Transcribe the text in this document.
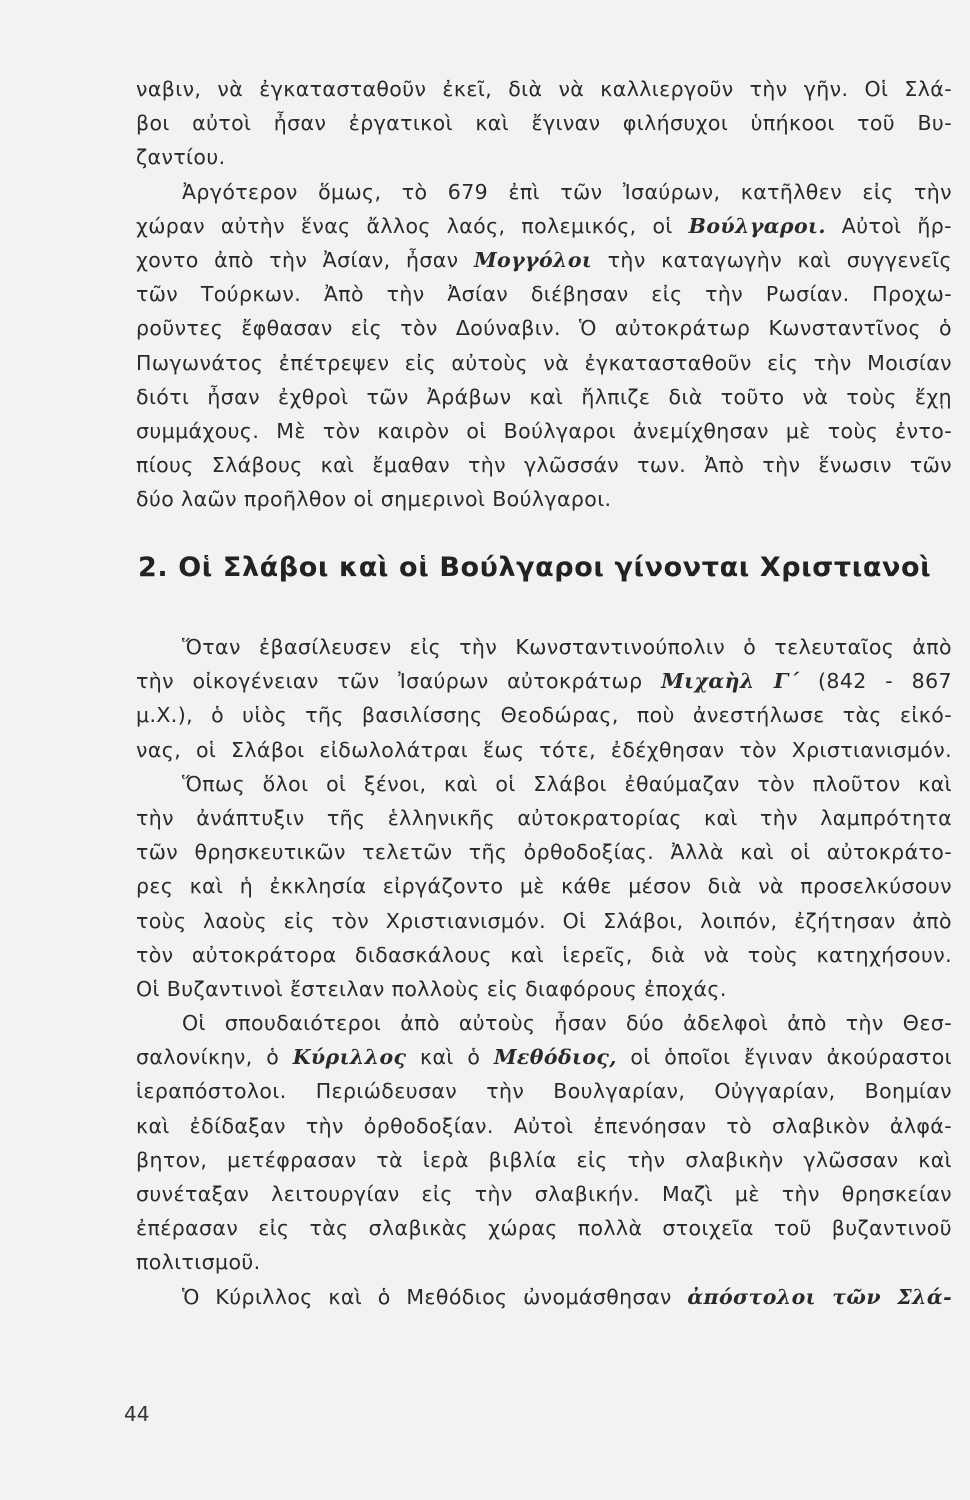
ναβιν, νὰ ἐγκατασταθοῦν ἐκεῖ, διὰ νὰ καλλιεργοῦν τὴν γῆν. Οἱ Σλά-
βοι αὐτοὶ ἦσαν ἐργατικοὶ καὶ ἔγιναν φιλήσυχοι ὑπήκοοι τοῦ Βυ-
ζαντίου.
Ἀργότερον ὅμως, τὸ 679 ἐπὶ τῶν Ἰσαύρων, κατῆλθεν εἰς τὴν
χώραν αὐτὴν ἕνας ἄλλος λαός, πολεμικός, οἱ Βούλγαροι. Αὐτοὶ ἤρ-
χοντο ἀπὸ τὴν Ἀσίαν, ἦσαν Μογγόλοι τὴν καταγωγὴν καὶ συγγενεῖς
τῶν Τούρκων. Ἀπὸ τὴν Ἀσίαν διέβησαν εἰς τὴν Ρωσίαν. Προχω-
ροῦντες ἔφθασαν εἰς τὸν Δούναβιν. Ὁ αὐτοκράτωρ Κωνσταντῖνος ὁ
Πωγωνάτος ἐπέτρεψεν εἰς αὐτοὺς νὰ ἐγκατασταθοῦν εἰς τὴν Μοισίαν
διότι ἦσαν ἐχθροὶ τῶν Ἀράβων καὶ ἤλπιζε διὰ τοῦτο νὰ τοὺς ἔχῃ
συμμάχους. Μὲ τὸν καιρὸν οἱ Βούλγαροι ἀνεμίχθησαν μὲ τοὺς ἐντο-
πίους Σλάβους καὶ ἔμαθαν τὴν γλῶσσάν των. Ἀπὸ τὴν ἕνωσιν τῶν
δύο λαῶν προῆλθον οἱ σημερινοὶ Βούλγαροι.
2. Οἱ Σλάβοι καὶ οἱ Βούλγαροι γίνονται Χριστιανοὶ
Ὅταν ἐβασίλευσεν εἰς τὴν Κωνσταντινούπολιν ὁ τελευταῖος ἀπὸ
τὴν οἰκογένειαν τῶν Ἰσαύρων αὐτοκράτωρ Μιχαὴλ Γ΄ (842 - 867
μ.Χ.), ὁ υἱὸς τῆς βασιλίσσης Θεοδώρας, ποὺ ἀνεστήλωσε τὰς εἰκό-
νας, οἱ Σλάβοι εἰδωλολάτραι ἕως τότε, ἐδέχθησαν τὸν Χριστιανισμόν.
Ὅπως ὅλοι οἱ ξένοι, καὶ οἱ Σλάβοι ἐθαύμαζαν τὸν πλοῦτον καὶ
τὴν ἀνάπτυξιν τῆς ἑλληνικῆς αὐτοκρατορίας καὶ τὴν λαμπρότητα
τῶν θρησκευτικῶν τελετῶν τῆς ὀρθοδοξίας. Ἀλλὰ καὶ οἱ αὐτοκράτο-
ρες καὶ ἡ ἐκκλησία εἰργάζοντο μὲ κάθε μέσον διὰ νὰ προσελκύσουν
τοὺς λαοὺς εἰς τὸν Χριστιανισμόν. Οἱ Σλάβοι, λοιπόν, ἐζήτησαν ἀπὸ
τὸν αὐτοκράτορα διδασκάλους καὶ ἱερεῖς, διὰ νὰ τοὺς κατηχήσουν.
Οἱ Βυζαντινοὶ ἔστειλαν πολλοὺς εἰς διαφόρους ἐποχάς.
Οἱ σπουδαιότεροι ἀπὸ αὐτοὺς ἦσαν δύο ἀδελφοὶ ἀπὸ τὴν Θεσ-
σαλονίκην, ὁ Κύριλλος καὶ ὁ Μεθόδιος, οἱ ὁποῖοι ἔγιναν ἀκούραστοι
ἱεραπόστολοι. Περιώδευσαν τὴν Βουλγαρίαν, Οὐγγαρίαν, Βοημίαν
καὶ ἐδίδαξαν τὴν ὀρθοδοξίαν. Αὐτοὶ ἐπενόησαν τὸ σλαβικὸν ἀλφά-
βητον, μετέφρασαν τὰ ἱερὰ βιβλία εἰς τὴν σλαβικὴν γλῶσσαν καὶ
συνέταξαν λειτουργίαν εἰς τὴν σλαβικήν. Μαζὶ μὲ τὴν θρησκείαν
ἐπέρασαν εἰς τὰς σλαβικὰς χώρας πολλὰ στοιχεῖα τοῦ βυζαντινοῦ
πολιτισμοῦ.
Ὁ Κύριλλος καὶ ὁ Μεθόδιος ὠνομάσθησαν ἀπόστολοι τῶν Σλά-
44
